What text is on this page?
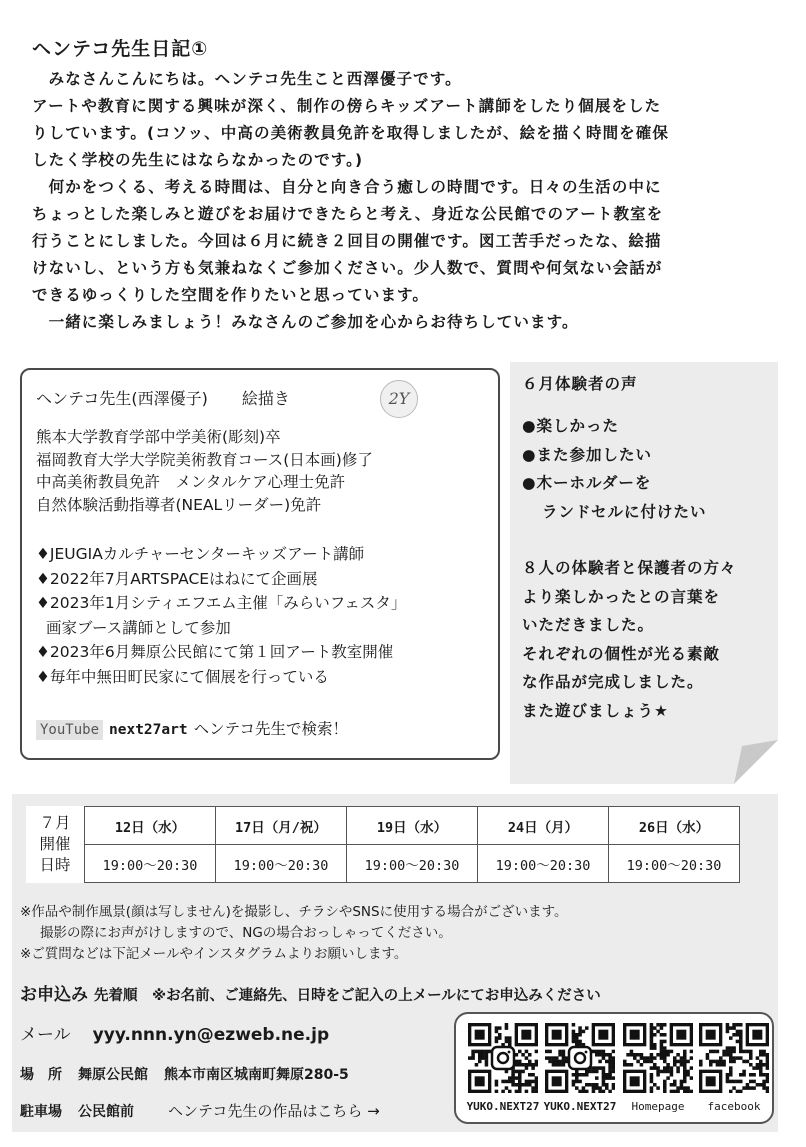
ヘンテコ先生日記①
　みなさんこんにちは。ヘンテコ先生こと西澤優子です。
アートや教育に関する興味が深く、制作の傍らキッズアート講師をしたり個展をした
りしています。(コソッ、中高の美術教員免許を取得しましたが、絵を描く時間を確保
したく学校の先生にはならなかったのです。)
　何かをつくる、考える時間は、自分と向き合う癒しの時間です。日々の生活の中に
ちょっとした楽しみと遊びをお届けできたらと考え、身近な公民館でのアート教室を
行うことにしました。今回は６月に続き２回目の開催です。図工苦手だったな、絵描
けないし、という方も気兼ねなくご参加ください。少人数で、質問や何気ない会話が
できるゆっくりした空間を作りたいと思っています。
　一緒に楽しみましょう！みなさんのご参加を心からお待ちしています。
ヘンテコ先生(西澤優子) 絵描き	2Y
熊本大学教育学部中学美術(彫刻)卒
福岡教育大学大学院美術教育コース(日本画)修了
中高美術教員免許　メンタルケア心理士免許
自然体験活動指導者(NEALリーダー)免許
♦JEUGIAカルチャーセンターキッズアート講師
♦2022年7月ARTSPACEはねにて企画展
♦2023年1月シティエフエム主催「みらいフェスタ」
画家ブース講師として参加
♦2023年6月舞原公民館にて第１回アート教室開催
♦毎年中無田町民家にて個展を行っている
YouTube next27art ヘンテコ先生で検索！
６月体験者の声
●楽しかった
●また参加したい
●木ーホルダーを
ランドセルに付けたい
８人の体験者と保護者の方々
より楽しかったとの言葉を
いただきました。
それぞれの個性が光る素敵
な作品が完成しました。
また遊びましょう★
７月
開催
日時	12日（水）	17日（月/祝）	19日（水）	24日（月）	26日（水）
	19:00～20:30	19:00～20:30	19:00～20:30	19:00～20:30	19:00～20:30
※作品や制作風景(顔は写しません)を撮影し、チラシやSNSに使用する場合がございます。
撮影の際にお声がけしますので、NGの場合おっしゃってください。
※ご質問などは下記メールやインスタグラムよりお願いします。
お申込み 先着順　 ※お名前、ご連絡先、日時をご記入の上メールにてお申込みください
メール yyy.nnn.yn@ezweb.ne.jp
場　所 舞原公民館 熊本市南区城南町舞原280-5
駐車場 公民館前 ヘンテコ先生の作品はこちら →	YUKO.NEXT27 YUKO.NEXT27	Homepage	facebook
